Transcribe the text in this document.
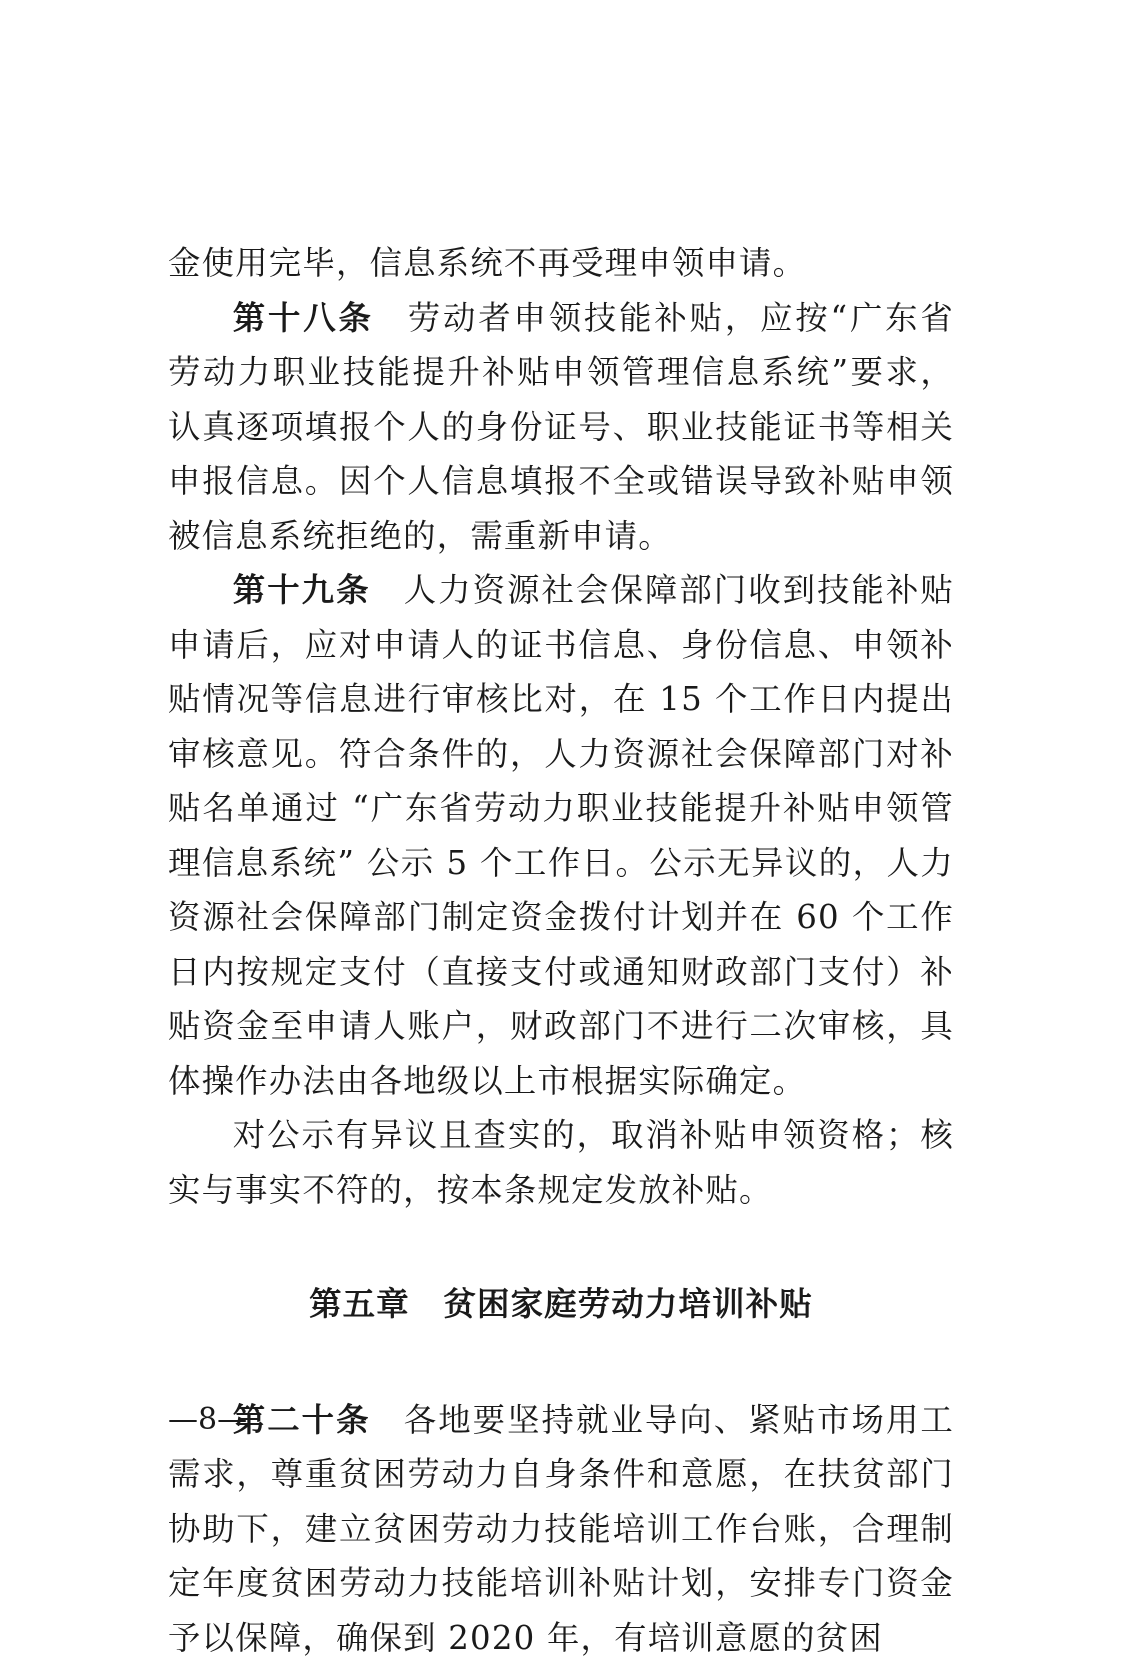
金使用完毕，信息系统不再受理申领申请。

第十八条 劳动者申领技能补贴，应按“广东省劳动力职业技能提升补贴申领管理信息系统”要求，认真逐项填报个人的身份证号、职业技能证书等相关申报信息。因个人信息填报不全或错误导致补贴申领被信息系统拒绝的，需重新申请。

第十九条 人力资源社会保障部门收到技能补贴申请后，应对申请人的证书信息、身份信息、申领补贴情况等信息进行审核比对，在 15 个工作日内提出审核意见。符合条件的，人力资源社会保障部门对补贴名单通过 “广东省劳动力职业技能提升补贴申领管理信息系统” 公示 5 个工作日。公示无异议的，人力资源社会保障部门制定资金拨付计划并在 60 个工作日内按规定支付（直接支付或通知财政部门支付）补贴资金至申请人账户，财政部门不进行二次审核，具体操作办法由各地级以上市根据实际确定。

对公示有异议且查实的，取消补贴申领资格；核实与事实不符的，按本条规定发放补贴。

第五章　贫困家庭劳动力培训补贴

第二十条 各地要坚持就业导向、紧贴市场用工需求，尊重贫困劳动力自身条件和意愿，在扶贫部门协助下，建立贫困劳动力技能培训工作台账，合理制定年度贫困劳动力技能培训补贴计划，安排专门资金予以保障，确保到 2020 年，有培训意愿的贫困

—8—
